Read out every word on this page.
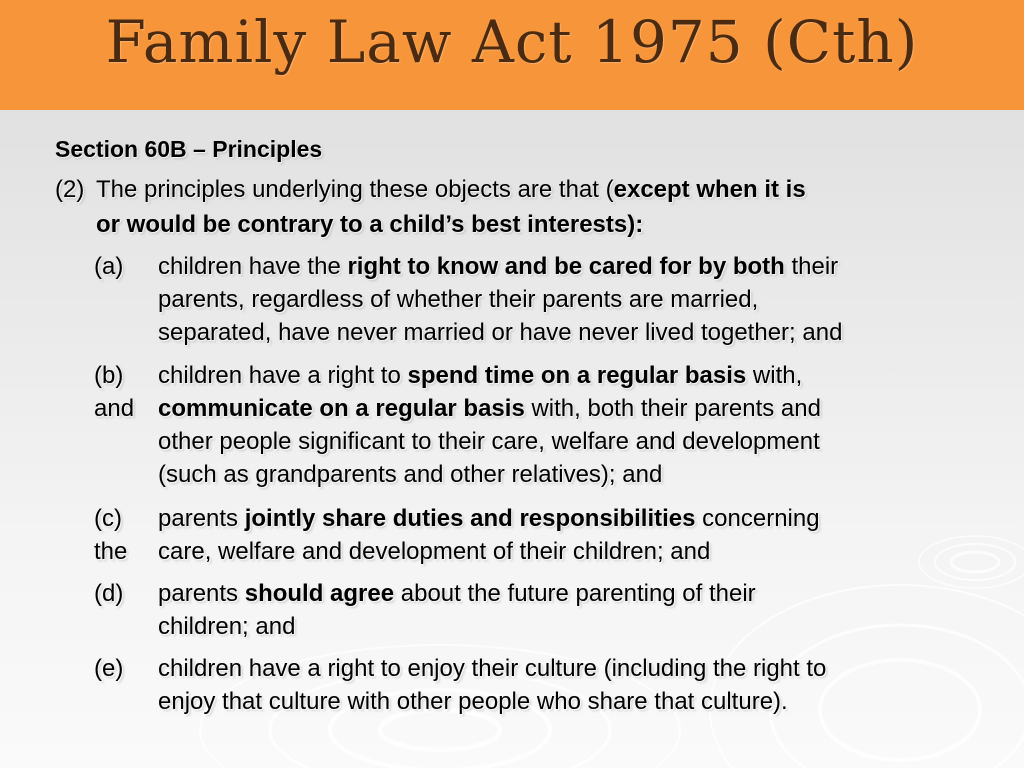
Family Law Act 1975 (Cth)
Section 60B – Principles
(2) The principles underlying these objects are that (except when it is
or would be contrary to a child’s best interests):
(a) children have the right to know and be cared for by both their
parents, regardless of whether their parents are married,
separated, have never married or have never lived together; and
(b) children have a right to spend time on a regular basis with,
and communicate on a regular basis with, both their parents and
other people significant to their care, welfare and development
(such as grandparents and other relatives); and
(c) parents jointly share duties and responsibilities concerning
the care, welfare and development of their children; and
(d) parents should agree about the future parenting of their
children; and
(e) children have a right to enjoy their culture (including the right to
enjoy that culture with other people who share that culture).
